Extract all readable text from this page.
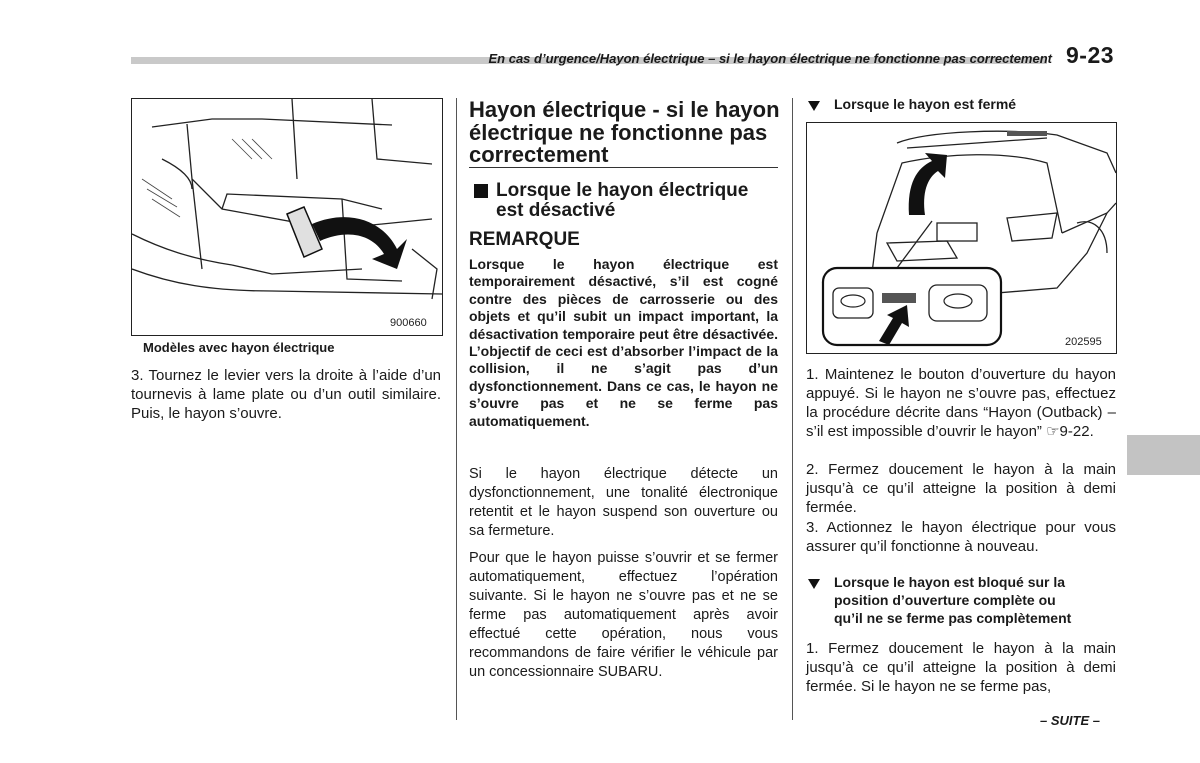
En cas d’urgence/Hayon électrique – si le hayon électrique ne fonctionne pas correctement 9-23
900660
Modèles avec hayon électrique
3. Tournez le levier vers la droite à l’aide d’un tournevis à lame plate ou d’un outil similaire. Puis, le hayon s’ouvre.
Hayon électrique - si le hayon
électrique ne fonctionne pas
correctement
Lorsque le hayon électrique
est désactivé
REMARQUE
Lorsque le hayon électrique est temporairement désactivé, s’il est cogné contre des pièces de carrosserie ou des objets et qu’il subit un impact important, la désactivation temporaire peut être désactivée. L’objectif de ceci est d’absorber l’impact de la collision, il ne s’agit pas d’un dysfonctionnement. Dans ce cas, le hayon ne s’ouvre pas et ne se ferme pas automatiquement.
Si le hayon électrique détecte un dysfonctionnement, une tonalité électronique retentit et le hayon suspend son ouverture ou sa fermeture.
Pour que le hayon puisse s’ouvrir et se fermer automatiquement, effectuez l’opération suivante. Si le hayon ne s’ouvre pas et ne se ferme pas automatiquement après avoir effectué cette opération, nous vous recommandons de faire vérifier le véhicule par un concessionnaire SUBARU.
Lorsque le hayon est fermé
202595
1. Maintenez le bouton d’ouverture du hayon appuyé. Si le hayon ne s’ouvre pas, effectuez la procédure décrite dans “Hayon (Outback) – s’il est impossible d’ouvrir le hayon” ☞9-22.
2. Fermez doucement le hayon à la main jusqu’à ce qu’il atteigne la position à demi fermée.
3. Actionnez le hayon électrique pour vous assurer qu’il fonctionne à nouveau.
Lorsque le hayon est bloqué sur la
position d’ouverture complète ou
qu’il ne se ferme pas complètement
1. Fermez doucement le hayon à la main jusqu’à ce qu’il atteigne la position à demi fermée. Si le hayon ne se ferme pas,
– SUITE –
